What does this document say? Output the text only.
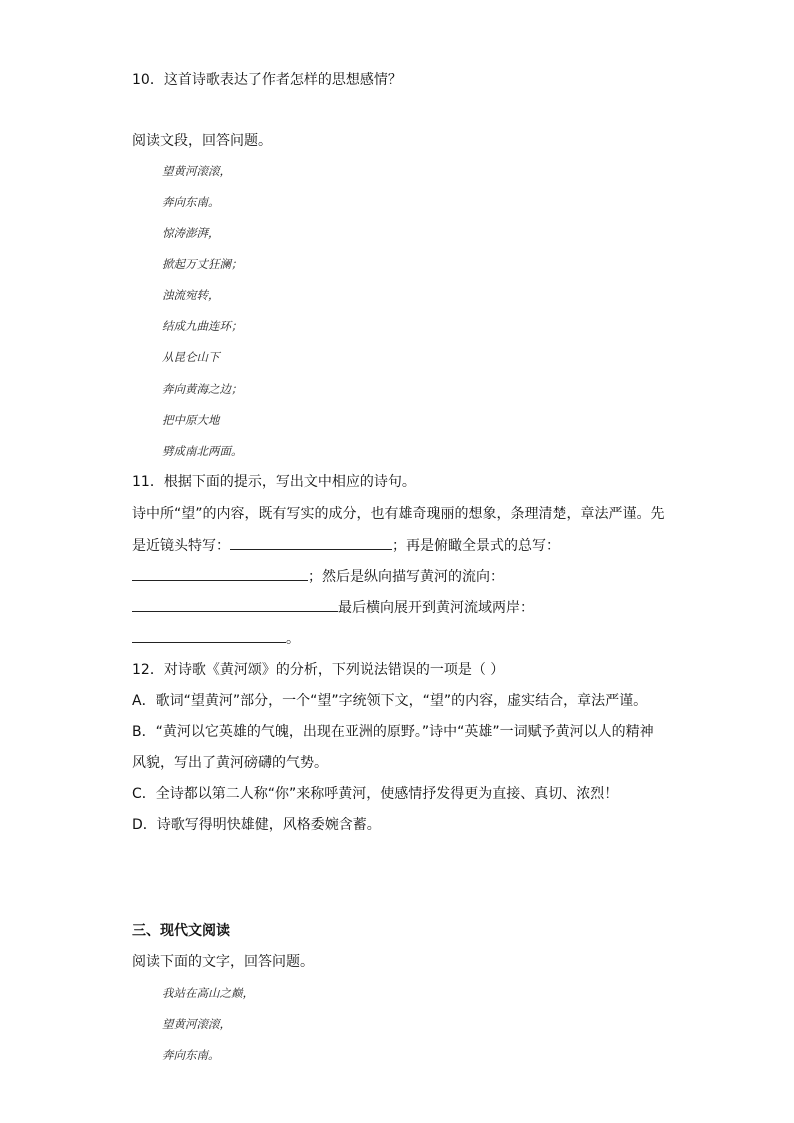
10．这首诗歌表达了作者怎样的思想感情？
阅读文段，回答问题。
望黄河滚滚，
奔向东南。
惊涛澎湃，
掀起万丈狂澜；
浊流宛转，
结成九曲连环；
从昆仑山下
奔向黄海之边；
把中原大地
劈成南北两面。
11．根据下面的提示，写出文中相应的诗句。
诗中所“望”的内容，既有写实的成分，也有雄奇瑰丽的想象，条理清楚，章法严谨。先
是近镜头特写：	；再是俯瞰全景式的总写：
；然后是纵向描写黄河的流向：
最后横向展开到黄河流域两岸：
。
12．对诗歌《黄河颂》的分析，下列说法错误的一项是（ ）
A．歌词“望黄河”部分，一个“望”字统领下文，“望”的内容，虚实结合，章法严谨。
B．“黄河以它英雄的气魄，出现在亚洲的原野。”诗中“英雄”一词赋予黄河以人的精神
风貌，写出了黄河磅礴的气势。
C．全诗都以第二人称“你”来称呼黄河，使感情抒发得更为直接、真切、浓烈！
D．诗歌写得明快雄健，风格委婉含蓄。
三、现代文阅读
阅读下面的文字，回答问题。
我站在高山之巅，
望黄河滚滚，
奔向东南。
